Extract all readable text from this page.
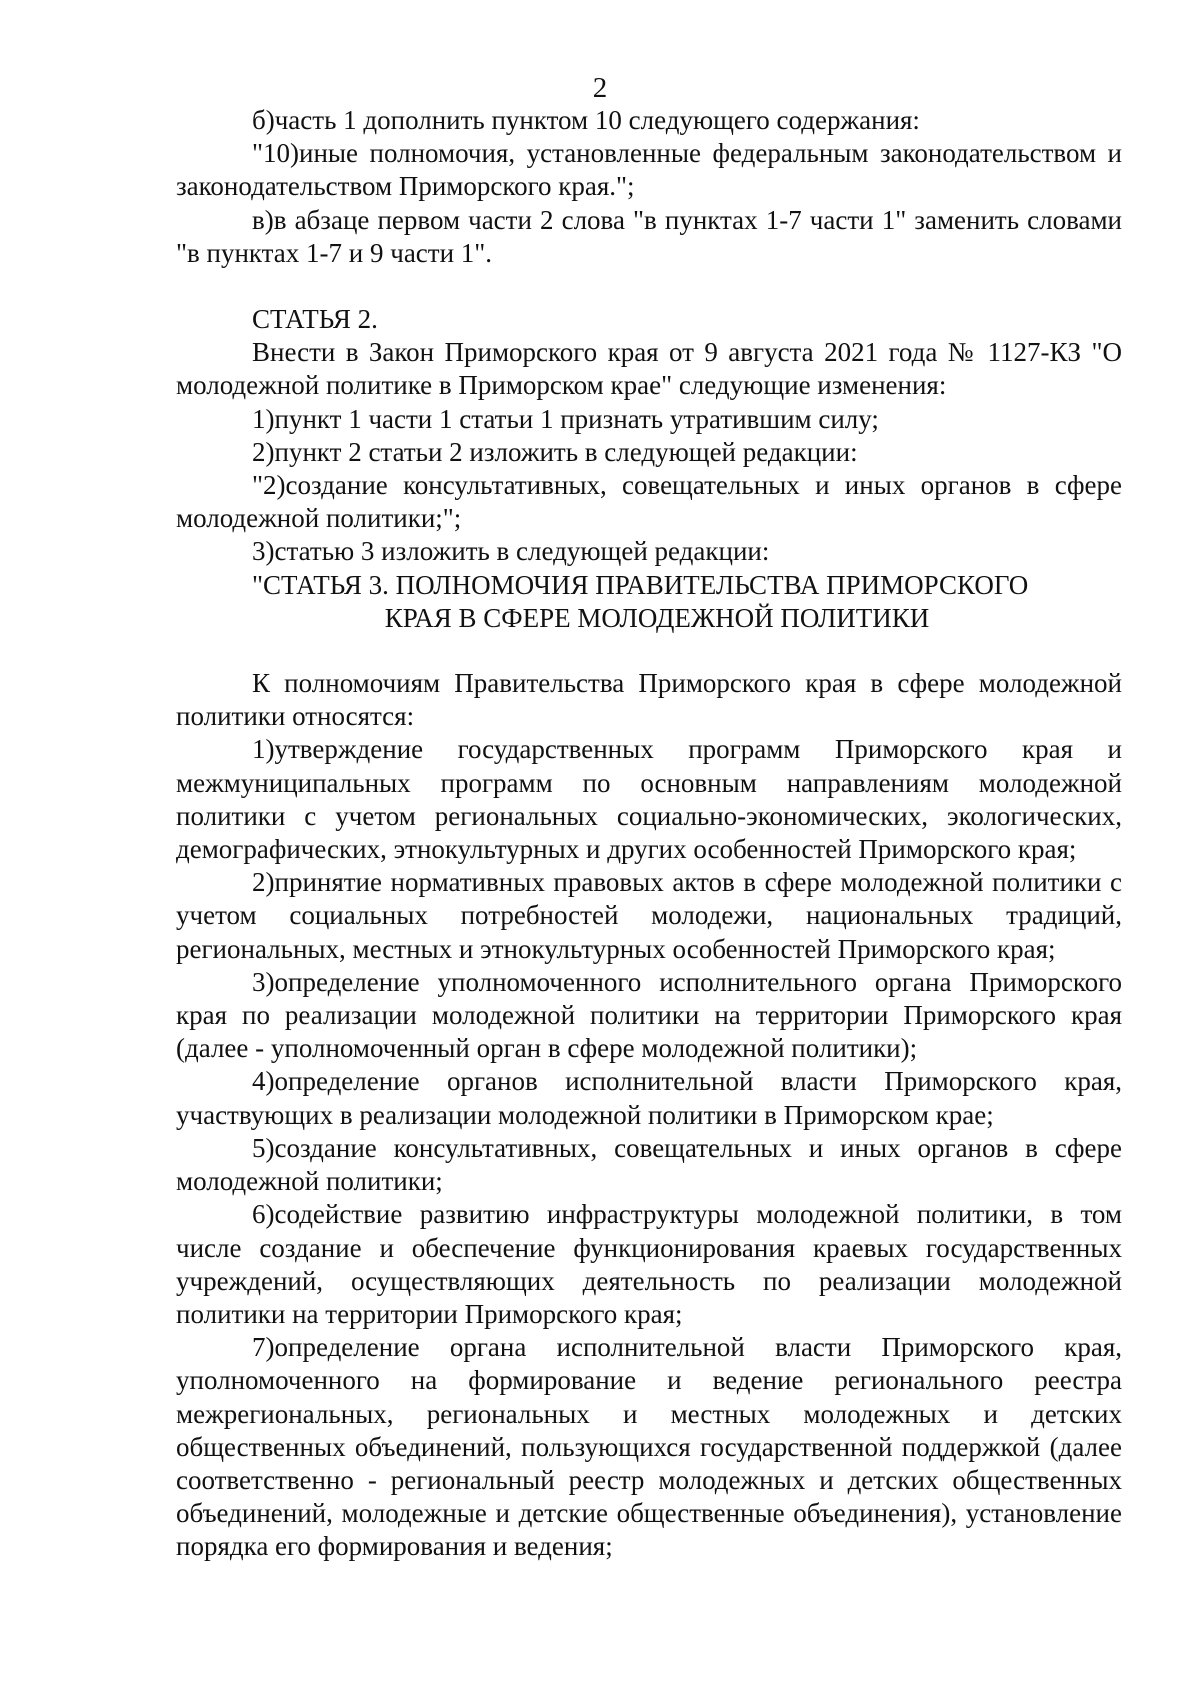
2

б)часть 1 дополнить пунктом 10 следующего содержания:

"10)иные полномочия, установленные федеральным законодательством и законодательством Приморского края.";

в)в абзаце первом части 2 слова "в пунктах 1-7 части 1" заменить словами "в пунктах 1-7 и 9 части 1".

СТАТЬЯ 2.

Внести в Закон Приморского края от 9 августа 2021 года № 1127-КЗ "О молодежной политике в Приморском крае" следующие изменения:

1)пункт 1 части 1 статьи 1 признать утратившим силу;

2)пункт 2 статьи 2 изложить в следующей редакции:

"2)создание консультативных, совещательных и иных органов в сфере молодежной политики;";

3)статью 3 изложить в следующей редакции:

"СТАТЬЯ 3. ПОЛНОМОЧИЯ ПРАВИТЕЛЬСТВА ПРИМОРСКОГО
КРАЯ В СФЕРЕ МОЛОДЕЖНОЙ ПОЛИТИКИ

К полномочиям Правительства Приморского края в сфере молодежной политики относятся:

1)утверждение государственных программ Приморского края и межмуниципальных программ по основным направлениям молодежной политики с учетом региональных социально-экономических, экологических, демографических, этнокультурных и других особенностей Приморского края;

2)принятие нормативных правовых актов в сфере молодежной политики с учетом социальных потребностей молодежи, национальных традиций, региональных, местных и этнокультурных особенностей Приморского края;

3)определение уполномоченного исполнительного органа Приморского края по реализации молодежной политики на территории Приморского края (далее - уполномоченный орган в сфере молодежной политики);

4)определение органов исполнительной власти Приморского края, участвующих в реализации молодежной политики в Приморском крае;

5)создание консультативных, совещательных и иных органов в сфере молодежной политики;

6)содействие развитию инфраструктуры молодежной политики, в том числе создание и обеспечение функционирования краевых государственных учреждений, осуществляющих деятельность по реализации молодежной политики на территории Приморского края;

7)определение органа исполнительной власти Приморского края, уполномоченного на формирование и ведение регионального реестра межрегиональных, региональных и местных молодежных и детских общественных объединений, пользующихся государственной поддержкой (далее соответственно - региональный реестр молодежных и детских общественных объединений, молодежные и детские общественные объединения), установление порядка его формирования и ведения;
